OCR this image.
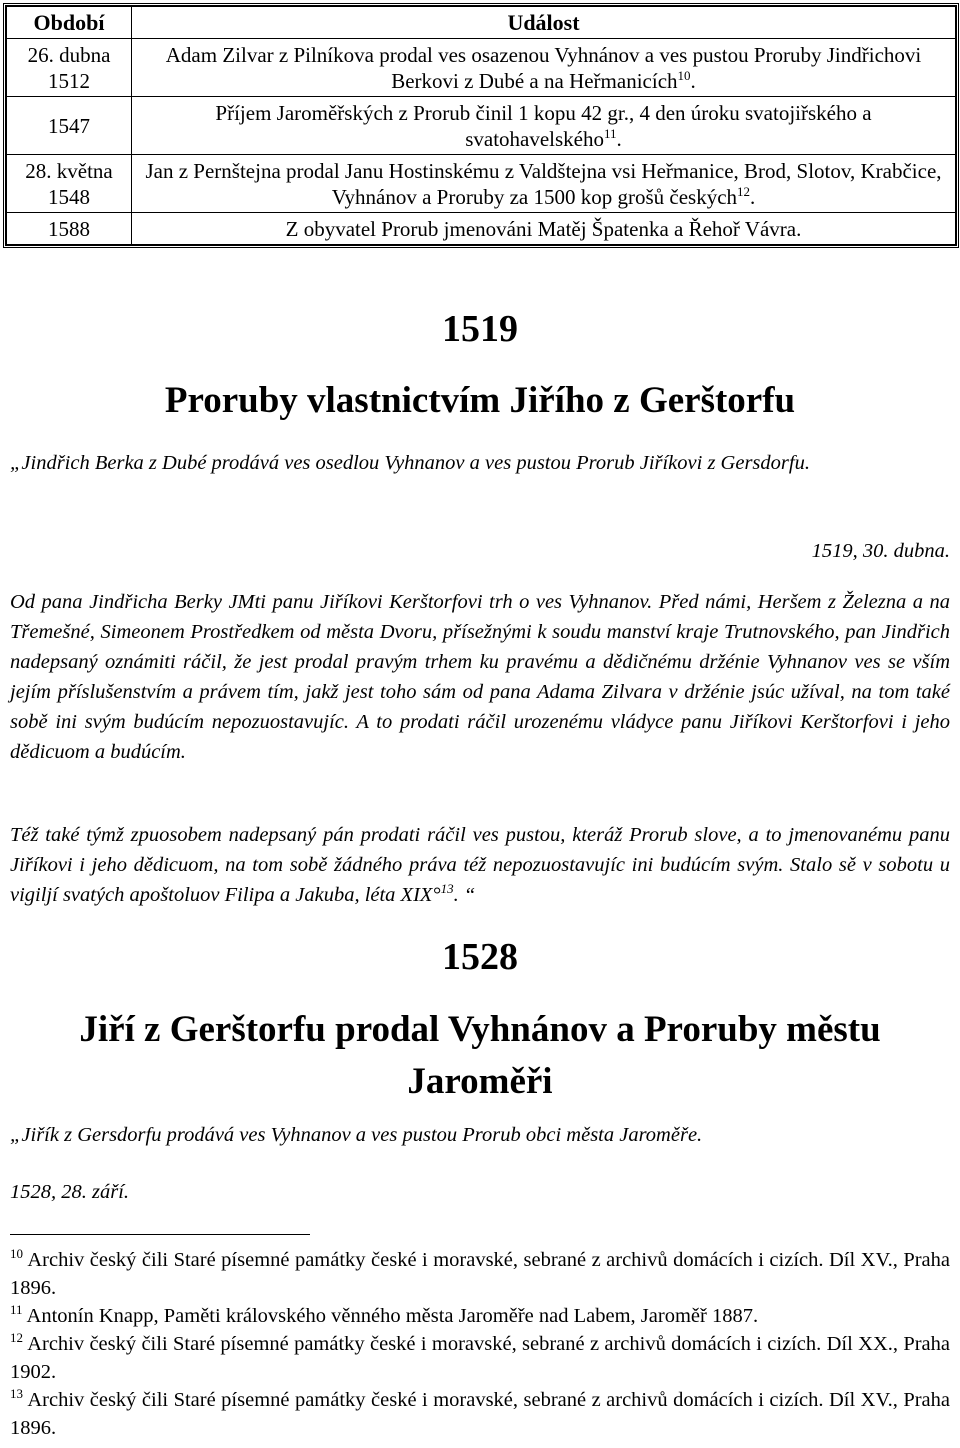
Období	Událost
26. dubna 1512	Adam Zilvar z Pilníkova prodal ves osazenou Vyhnánov a ves pustou Proruby Jindřichovi Berkovi z Dubé a na Heřmanicích$^{10}$.
1547	Příjem Jaroměřských z Prorub činil 1 kopu 42 gr., 4 den úroku svatojiřského a svatohavelského$^{11}$.
28. května 1548	Jan z Pernštejna prodal Janu Hostinskému z Valdštejna vsi Heřmanice, Brod, Slotov, Krabčice, Vyhnánov a Proruby za 1500 kop grošů českých$^{12}$.
1588	Z obyvatel Prorub jmenováni Matěj Špatenka a Řehoř Vávra.
1519
Proruby vlastnictvím Jiřího z Gerštorfu
„Jindřich Berka z Dubé prodává ves osedlou Vyhnanov a ves pustou Prorub Jiříkovi z Gersdorfu.
1519, 30. dubna.
Od pana Jindřicha Berky JMti panu Jiříkovi Kerštorfovi trh o ves Vyhnanov. Před námi, Heršem z Železna a na Třemešné, Simeonem Prostředkem od města Dvoru, přísežnými k soudu manství kraje Trutnovského, pan Jindřich nadepsaný oznámiti ráčil, že jest prodal pravým trhem ku pravému a dědičnému držénie Vyhnanov ves se vším jejím příslušenstvím a právem tím, jakž jest toho sám od pana Adama Zilvara v držénie jsúc užíval, na tom také sobě ini svým budúcím nepozuostavujíc. A to prodati ráčil urozenému vládyce panu Jiříkovi Kerštorfovi i jeho dědicuom a budúcím.
Též také týmž zpuosobem nadepsaný pán prodati ráčil ves pustou, kteráž Prorub slove, a to jmenovanému panu Jiříkovi i jeho dědicuom, na tom sobě žádného práva též nepozuostavujíc ini budúcím svým. Stalo sě v sobotu u vigiljí svatých apoštoluov Filipa a Jakuba, léta XIX°$^{13}$. “
1528
Jiří z Gerštorfu prodal Vyhnánov a Proruby městu
Jaroměři
„Jiřík z Gersdorfu prodává ves Vyhnanov a ves pustou Prorub obci města Jaroměře.
1528, 28. září.

$^{10}$ Archiv český čili Staré písemné památky české i moravské, sebrané z archivů domácích i cizích. Díl XV., Praha 1896.

$^{11}$ Antonín Knapp, Paměti královského věnného města Jaroměře nad Labem, Jaroměř 1887.

$^{12}$ Archiv český čili Staré písemné památky české i moravské, sebrané z archivů domácích i cizích. Díl XX., Praha 1902.

$^{13}$ Archiv český čili Staré písemné památky české i moravské, sebrané z archivů domácích i cizích. Díl XV., Praha 1896.
